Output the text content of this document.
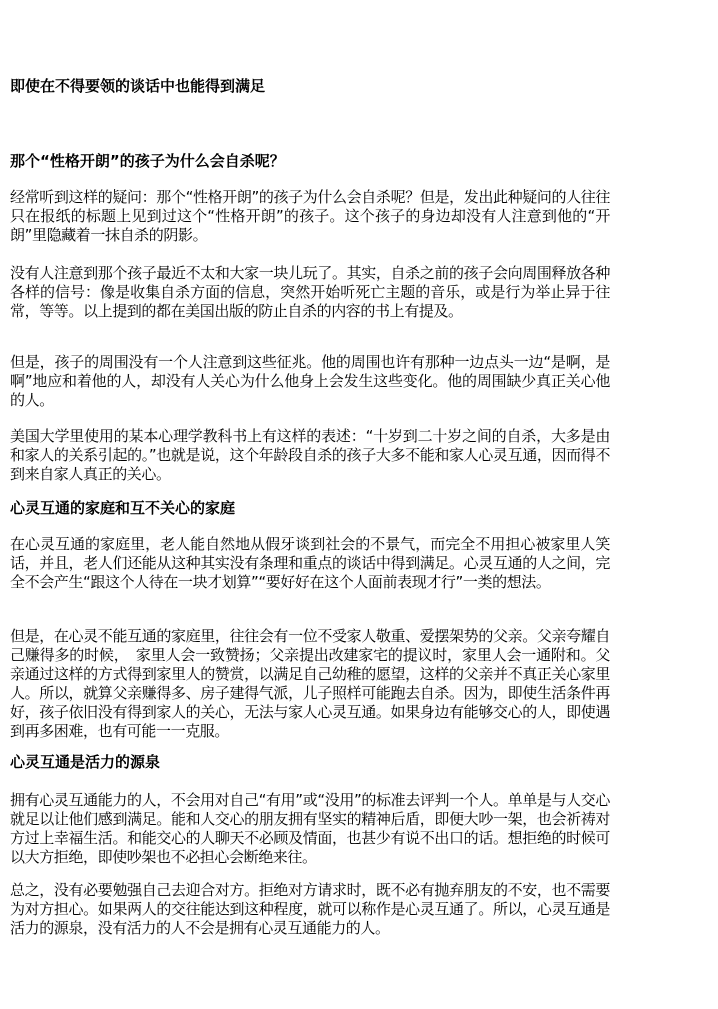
即使在不得要领的谈话中也能得到满足
那个“性格开朗”的孩子为什么会自杀呢？

经常听到这样的疑问：那个“性格开朗”的孩子为什么会自杀呢？但是，发出此种疑问的人往往只在报纸的标题上见到过这个“性格开朗”的孩子。这个孩子的身边却没有人注意到他的“开朗”里隐藏着一抹自杀的阴影。

没有人注意到那个孩子最近不太和大家一块儿玩了。其实，自杀之前的孩子会向周围释放各种各样的信号：像是收集自杀方面的信息，突然开始听死亡主题的音乐，或是行为举止异于往常，等等。以上提到的都在美国出版的防止自杀的内容的书上有提及。

但是，孩子的周围没有一个人注意到这些征兆。他的周围也许有那种一边点头一边“是啊，是啊”地应和着他的人，却没有人关心为什么他身上会发生这些变化。他的周围缺少真正关心他的人。

美国大学里使用的某本心理学教科书上有这样的表述：“十岁到二十岁之间的自杀，大多是由和家人的关系引起的。”也就是说，这个年龄段自杀的孩子大多不能和家人心灵互通，因而得不到来自家人真正的关心。

心灵互通的家庭和互不关心的家庭

在心灵互通的家庭里，老人能自然地从假牙谈到社会的不景气，而完全不用担心被家里人笑话，并且，老人们还能从这种其实没有条理和重点的谈话中得到满足。心灵互通的人之间，完全不会产生“跟这个人待在一块才划算”“要好好在这个人面前表现才行”一类的想法。

但是，在心灵不能互通的家庭里，往往会有一位不受家人敬重、爱摆架势的父亲。父亲夸耀自己赚得多的时候，　家里人会一致赞扬；父亲提出改建家宅的提议时，家里人会一通附和。父亲通过这样的方式得到家里人的赞赏，以满足自己幼稚的愿望，这样的父亲并不真正关心家里人。所以，就算父亲赚得多、房子建得气派，儿子照样可能跑去自杀。因为，即使生活条件再好，孩子依旧没有得到家人的关心，无法与家人心灵互通。如果身边有能够交心的人，即使遇到再多困难，也有可能一一克服。

心灵互通是活力的源泉

拥有心灵互通能力的人，不会用对自己“有用”或“没用”的标准去评判一个人。单单是与人交心就足以让他们感到满足。能和人交心的朋友拥有坚实的精神后盾，即便大吵一架，也会祈祷对方过上幸福生活。和能交心的人聊天不必顾及情面，也甚少有说不出口的话。想拒绝的时候可以大方拒绝，即使吵架也不必担心会断绝来往。

总之，没有必要勉强自己去迎合对方。拒绝对方请求时，既不必有抛弃朋友的不安，也不需要为对方担心。如果两人的交往能达到这种程度，就可以称作是心灵互通了。所以，心灵互通是活力的源泉，没有活力的人不会是拥有心灵互通能力的人。
